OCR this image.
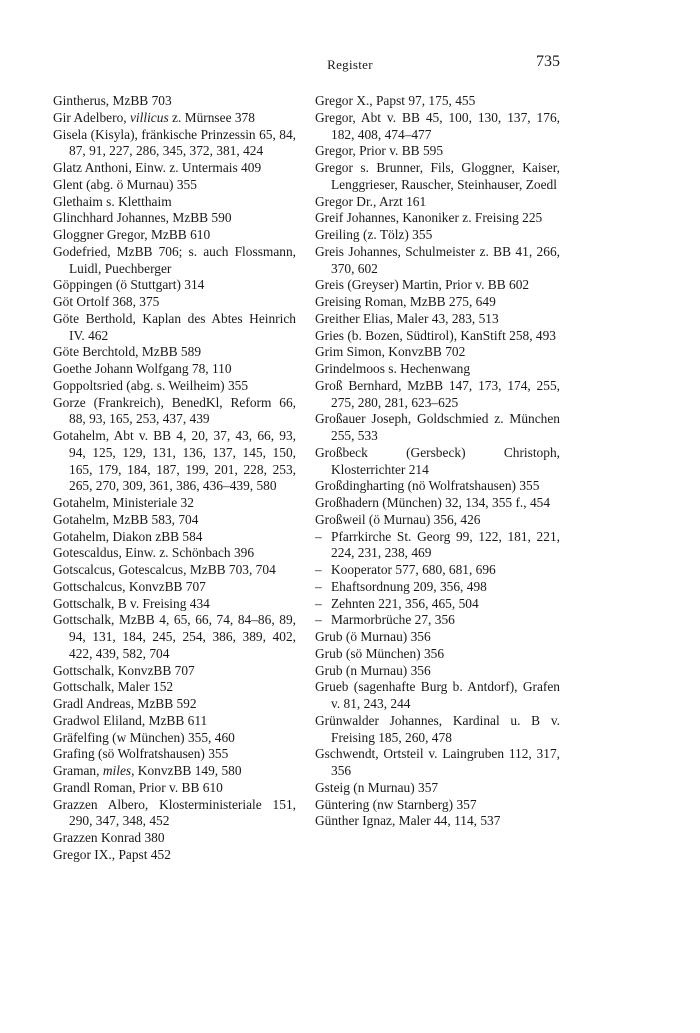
Register	735
Gintherus, MzBB 703
Gir Adelbero, villicus z. Mürnsee 378
Gisela (Kisyla), fränkische Prinzessin 65, 84, 87, 91, 227, 286, 345, 372, 381, 424
Glatz Anthoni, Einw. z. Untermais 409
Glent (abg. ö Murnau) 355
Glethaim s. Kletthaim
Glinchhard Johannes, MzBB 590
Gloggner Gregor, MzBB 610
Godefried, MzBB 706; s. auch Flossmann, Luidl, Puechberger
Göppingen (ö Stuttgart) 314
Göt Ortolf 368, 375
Göte Berthold, Kaplan des Abtes Heinrich IV. 462
Göte Berchtold, MzBB 589
Goethe Johann Wolfgang 78, 110
Goppoltsried (abg. s. Weilheim) 355
Gorze (Frankreich), BenedKl, Reform 66, 88, 93, 165, 253, 437, 439
Gotahelm, Abt v. BB 4, 20, 37, 43, 66, 93, 94, 125, 129, 131, 136, 137, 145, 150, 165, 179, 184, 187, 199, 201, 228, 253, 265, 270, 309, 361, 386, 436–439, 580
Gotahelm, Ministeriale 32
Gotahelm, MzBB 583, 704
Gotahelm, Diakon zBB 584
Gotescaldus, Einw. z. Schönbach 396
Gotscalcus, Gotescalcus, MzBB 703, 704
Gottschalcus, KonvzBB 707
Gottschalk, B v. Freising 434
Gottschalk, MzBB 4, 65, 66, 74, 84–86, 89, 94, 131, 184, 245, 254, 386, 389, 402, 422, 439, 582, 704
Gottschalk, KonvzBB 707
Gottschalk, Maler 152
Gradl Andreas, MzBB 592
Gradwol Eliland, MzBB 611
Gräfelfing (w München) 355, 460
Grafing (sö Wolfratshausen) 355
Graman, miles, KonvzBB 149, 580
Grandl Roman, Prior v. BB 610
Grazzen Albero, Klosterministeriale 151, 290, 347, 348, 452
Grazzen Konrad 380
Gregor IX., Papst 452
Gregor X., Papst 97, 175, 455
Gregor, Abt v. BB 45, 100, 130, 137, 176, 182, 408, 474–477
Gregor, Prior v. BB 595
Gregor s. Brunner, Fils, Gloggner, Kaiser, Lenggrieser, Rauscher, Steinhauser, Zoedl
Gregor Dr., Arzt 161
Greif Johannes, Kanoniker z. Freising 225
Greiling (z. Tölz) 355
Greis Johannes, Schulmeister z. BB 41, 266, 370, 602
Greis (Greyser) Martin, Prior v. BB 602
Greising Roman, MzBB 275, 649
Greither Elias, Maler 43, 283, 513
Gries (b. Bozen, Südtirol), KanStift 258, 493
Grim Simon, KonvzBB 702
Grindelmoos s. Hechenwang
Groß Bernhard, MzBB 147, 173, 174, 255, 275, 280, 281, 623–625
Großauer Joseph, Goldschmied z. München 255, 533
Großbeck (Gersbeck) Christoph, Klosterrichter 214
Großdingharting (nö Wolfratshausen) 355
Großhadern (München) 32, 134, 355 f., 454
Großweil (ö Murnau) 356, 426
– Pfarrkirche St. Georg 99, 122, 181, 221, 224, 231, 238, 469
– Kooperator 577, 680, 681, 696
– Ehaftsordnung 209, 356, 498
– Zehnten 221, 356, 465, 504
– Marmorbrüche 27, 356
Grub (ö Murnau) 356
Grub (sö München) 356
Grub (n Murnau) 356
Grueb (sagenhafte Burg b. Antdorf), Grafen v. 81, 243, 244
Grünwalder Johannes, Kardinal u. B v. Freising 185, 260, 478
Gschwendt, Ortsteil v. Laingruben 112, 317, 356
Gsteig (n Murnau) 357
Güntering (nw Starnberg) 357
Günther Ignaz, Maler 44, 114, 537
